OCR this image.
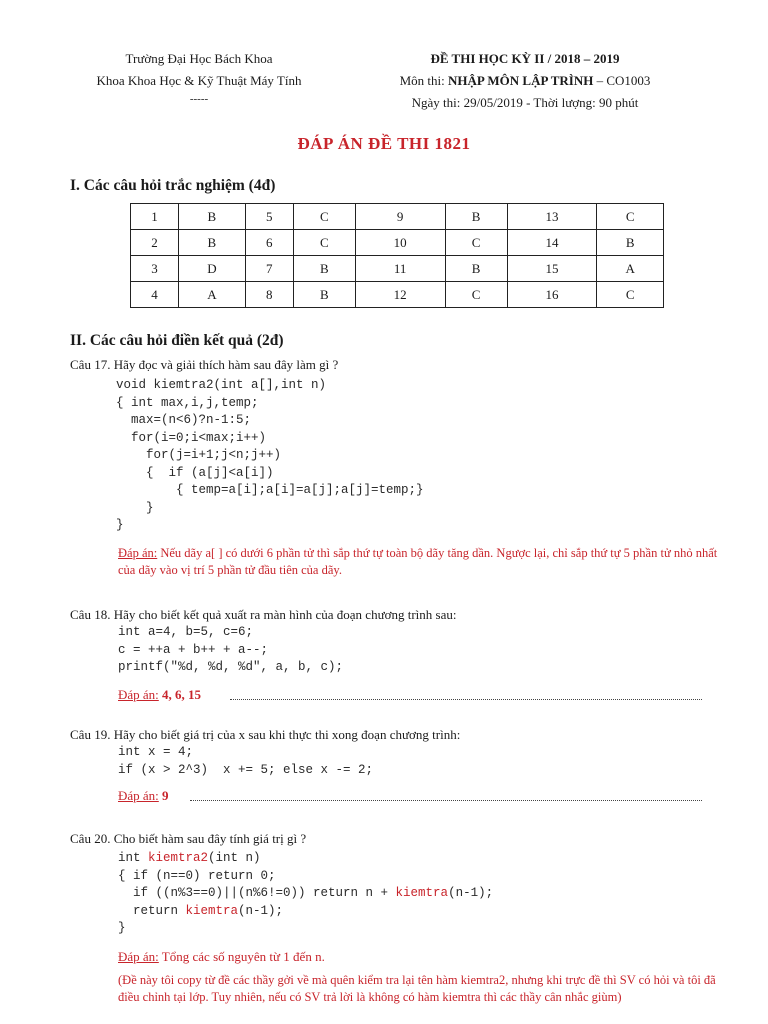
Trường Đại Học Bách Khoa
Khoa Khoa Học & Kỹ Thuật Máy Tính
-----
ĐỀ THI HỌC KỲ II / 2018 – 2019
Môn thi: NHẬP MÔN LẬP TRÌNH – CO1003
Ngày thi: 29/05/2019 - Thời lượng: 90 phút
ĐÁP ÁN ĐỀ THI 1821
I. Các câu hỏi trắc nghiệm (4đ)
1	B	5	C	9	B	13	C
2	B	6	C	10	C	14	B
3	D	7	B	11	B	15	A
4	A	8	B	12	C	16	C
II. Các câu hỏi điền kết quả (2đ)
Câu 17. Hãy đọc và giải thích hàm sau đây làm gì ?
void kiemtra2(int a[],int n)
{ int max,i,j,temp;
max=(n<6)?n-1:5;
for(i=0;i<max;i++)
for(j=i+1;j<n;j++)
{  if (a[j]<a[i])
{ temp=a[i];a[i]=a[j];a[j]=temp;}
}
}
Đáp án: Nếu dãy a[ ] có dưới 6 phần tử thì sắp thứ tự toàn bộ dãy tăng dần. Ngược lại, chỉ sắp thứ tự 5 phần tử nhỏ nhất của dãy vào vị trí 5 phần tử đầu tiên của dãy.
Câu 18. Hãy cho biết kết quả xuất ra màn hình của đoạn chương trình sau:
int a=4, b=5, c=6;
c = ++a + b++ + a--;
printf("%d, %d, %d", a, b, c);
Đáp án: 4, 6, 15
Câu 19. Hãy cho biết giá trị của x sau khi thực thi xong đoạn chương trình:
int x = 4;
if (x > 2^3)  x += 5; else x -= 2;
Đáp án: 9
Câu 20. Cho biết hàm sau đây tính giá trị gì ?
int kiemtra2(int n)
{ if (n==0) return 0;
if ((n%3==0)||(n%6!=0)) return n + kiemtra(n-1);
return kiemtra(n-1);
}

Đáp án: Tổng các số nguyên từ 1 đến n.
(Đề này tôi copy từ đề các thầy gởi về mà quên kiểm tra lại tên hàm kiemtra2, nhưng khi trực đề thì SV có hỏi và tôi đã điều chỉnh tại lớp. Tuy nhiên, nếu có SV trả lời là không có hàm kiemtra thì các thầy cân nhắc giùm)
